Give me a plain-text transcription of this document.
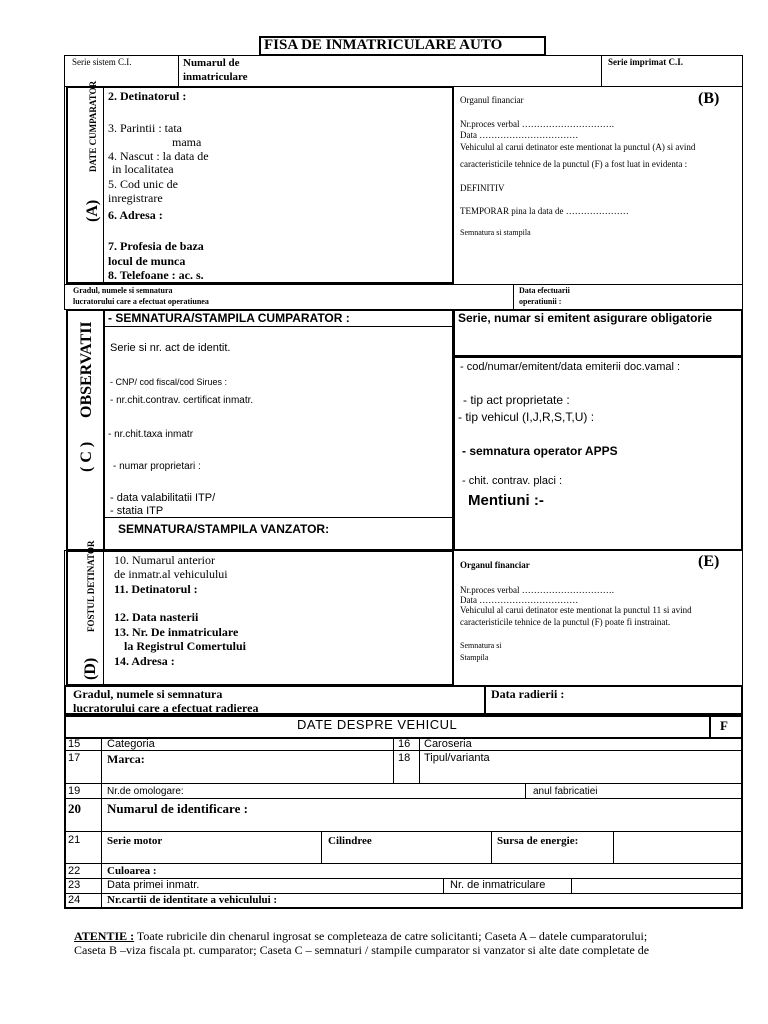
FISA DE INMATRICULARE AUTO
Serie sistem C.I.	Numarul de
inmatriculare
Serie imprimat C.I.
DATE CUMPARATOR
(A)
2. Detinatorul :
3. Parintii : tata
mama
4. Nascut : la data de
in localitatea
5. Cod unic de
inregistrare
6. Adresa :
7. Profesia de baza
locul de munca
8. Telefoane : ac. s.
(B)
Organul financiar
Nr.proces verbal ………………………….
Data ……………………………
Vehiculul al carui detinator este mentionat la punctul (A) si avind
caracteristicile tehnice de la punctul (F) a fost luat in evidenta :
DEFINITIV
TEMPORAR pina la data de …………………
Semnatura si stampila
Gradul, numele si semnatura
lucratorului care a efectuat operatiunea
Data efectuarii
operatiunii :
OBSERVATII
( C )
- SEMNATURA/STAMPILA CUMPARATOR :
Serie si nr. act de identit.
- CNP/ cod fiscal/cod Sirues :
- nr.chit.contrav. certificat inmatr.
- nr.chit.taxa inmatr
- numar proprietari :
- data valabilitatii ITP/
- statia ITP
SEMNATURA/STAMPILA VANZATOR:
Serie, numar si emitent asigurare obligatorie
- cod/numar/emitent/data emiterii doc.vamal :
- tip act proprietate :
- tip vehicul (I,J,R,S,T,U) :
- semnatura operator APPS
- chit. contrav. placi :
Mentiuni :-
FOSTUL DETINATOR
(D)
10. Numarul anterior
de inmatr.al vehiculului
11. Detinatorul :
12. Data nasterii
13. Nr. De inmatriculare
la Registrul Comertului
14. Adresa :
(E)
Organul financiar
Nr.proces verbal ………………………….
Data ……………………………
Vehiculul al carui detinator este mentionat la punctul 11 si avind
caracteristicile tehnice de la punctul (F) poate fi instrainat.
Semnatura si
Stampila
Gradul, numele si semnatura
lucratorului care a efectuat radierea
Data radierii :
DATE DESPRE VEHICUL	F
15 Categoria	16 Caroseria
17 Marca:	18 Tipul/varianta
19	Nr.de omologare:	anul fabricatiei
20 Numarul de identificare :
21 Serie motor	Cilindree	Sursa de energie:
22 Culoarea :
23 Data primei inmatr.	Nr. de inmatriculare
24 Nr.cartii de identitate a vehiculului :
ATENTIE : Toate rubricile din chenarul ingrosat se completeaza de catre solicitanti; Caseta A – datele cumparatorului;
Caseta B –viza fiscala pt. cumparator; Caseta C – semnaturi / stampile cumparator si vanzator si alte date completate de
